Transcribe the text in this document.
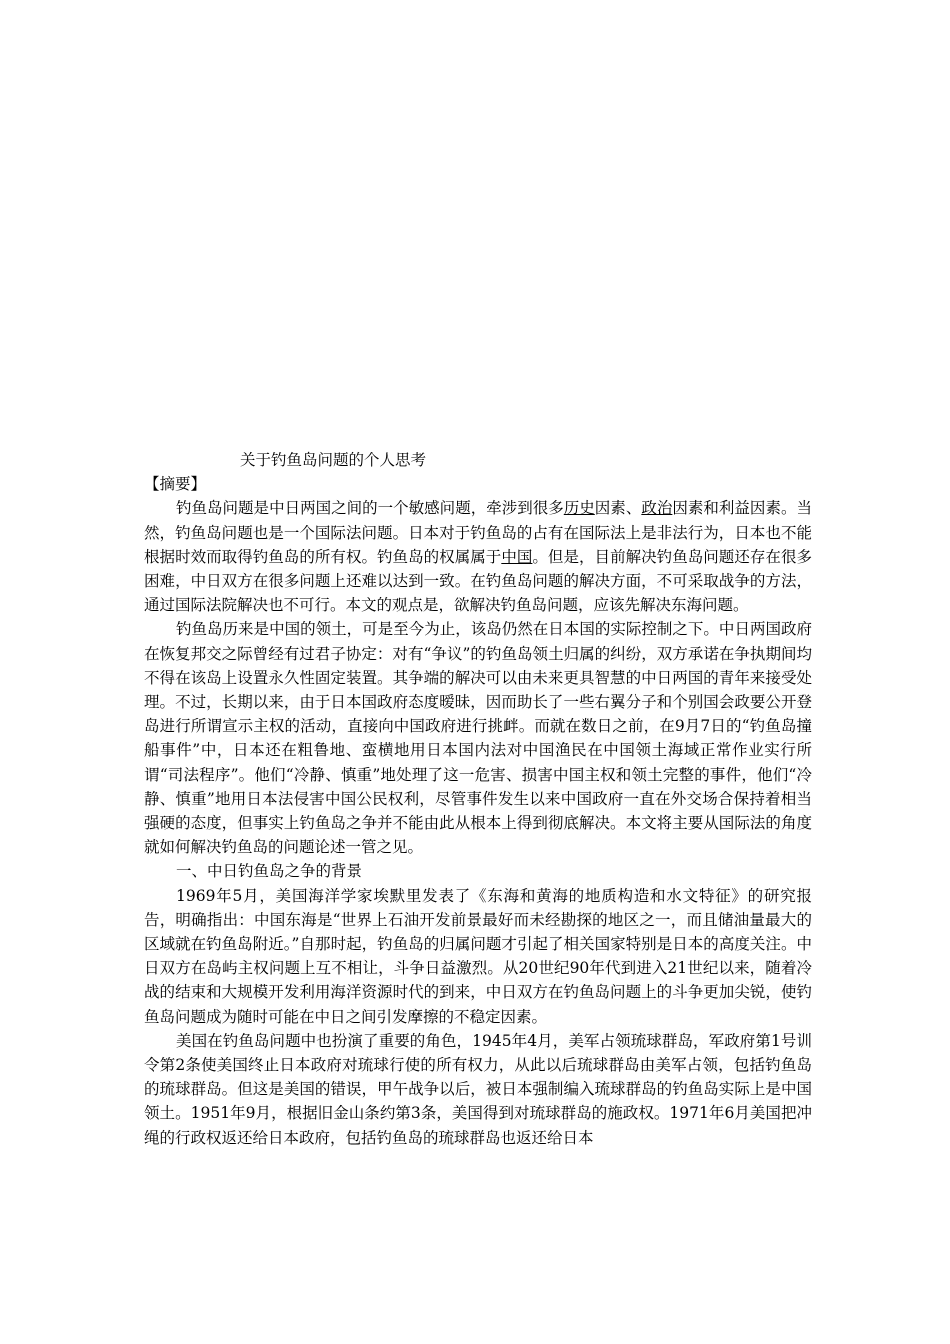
关于钓鱼岛问题的个人思考

【摘要】

钓鱼岛问题是中日两国之间的一个敏感问题，牵涉到很多历史因素、政治因素和利益因素。当然，钓鱼岛问题也是一个国际法问题。日本对于钓鱼岛的占有在国际法上是非法行为，日本也不能根据时效而取得钓鱼岛的所有权。钓鱼岛的权属属于中国。但是，目前解决钓鱼岛问题还存在很多困难，中日双方在很多问题上还难以达到一致。在钓鱼岛问题的解决方面，不可采取战争的方法，通过国际法院解决也不可行。本文的观点是，欲解决钓鱼岛问题，应该先解决东海问题。

钓鱼岛历来是中国的领土，可是至今为止，该岛仍然在日本国的实际控制之下。中日两国政府在恢复邦交之际曾经有过君子协定：对有“争议”的钓鱼岛领土归属的纠纷，双方承诺在争执期间均不得在该岛上设置永久性固定装置。其争端的解决可以由未来更具智慧的中日两国的青年来接受处理。不过，长期以来，由于日本国政府态度暧昧，因而助长了一些右翼分子和个别国会政要公开登岛进行所谓宣示主权的活动，直接向中国政府进行挑衅。而就在数日之前，在9月7日的“钓鱼岛撞船事件”中，日本还在粗鲁地、蛮横地用日本国内法对中国渔民在中国领土海域正常作业实行所谓“司法程序”。他们“冷静、慎重”地处理了这一危害、损害中国主权和领土完整的事件，他们“冷静、慎重”地用日本法侵害中国公民权利，尽管事件发生以来中国政府一直在外交场合保持着相当强硬的态度，但事实上钓鱼岛之争并不能由此从根本上得到彻底解决。本文将主要从国际法的角度就如何解决钓鱼岛的问题论述一管之见。

一、中日钓鱼岛之争的背景

1969年5月，美国海洋学家埃默里发表了《东海和黄海的地质构造和水文特征》的研究报告，明确指出：中国东海是“世界上石油开发前景最好而未经勘探的地区之一，而且储油量最大的区域就在钓鱼岛附近。”自那时起，钓鱼岛的归属问题才引起了相关国家特别是日本的高度关注。中日双方在岛屿主权问题上互不相让，斗争日益激烈。从20世纪90年代到进入21世纪以来，随着冷战的结束和大规模开发利用海洋资源时代的到来，中日双方在钓鱼岛问题上的斗争更加尖锐，使钓鱼岛问题成为随时可能在中日之间引发摩擦的不稳定因素。

美国在钓鱼岛问题中也扮演了重要的角色，1945年4月，美军占领琉球群岛，军政府第1号训令第2条使美国终止日本政府对琉球行使的所有权力，从此以后琉球群岛由美军占领，包括钓鱼岛的琉球群岛。但这是美国的错误，甲午战争以后，被日本强制编入琉球群岛的钓鱼岛实际上是中国领土。1951年9月，根据旧金山条约第3条，美国得到对琉球群岛的施政权。1971年6月美国把冲绳的行政权返还给日本政府，包括钓鱼岛的琉球群岛也返还给日本
